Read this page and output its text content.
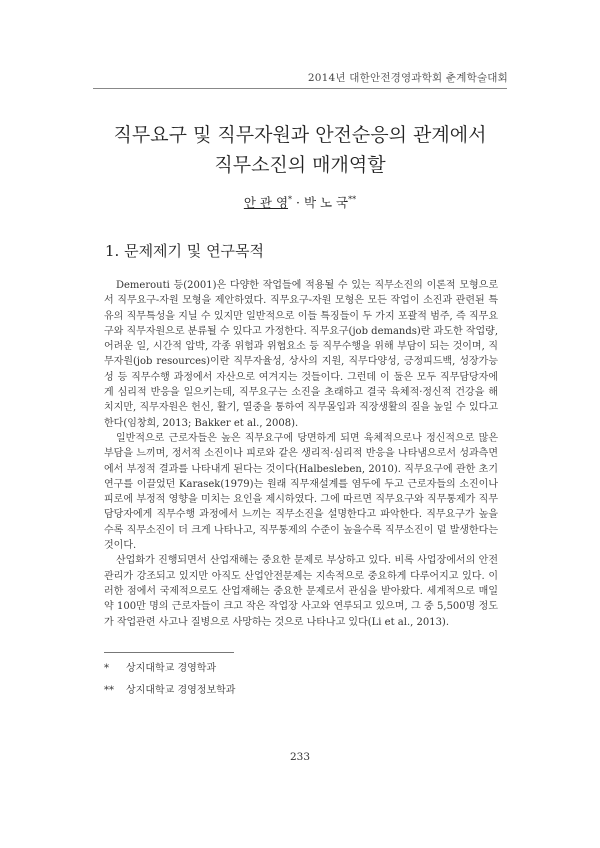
2014년 대한안전경영과학회 춘계학술대회
직무요구 및 직무자원과 안전순응의 관계에서
직무소진의 매개역할
안 관 영* · 박 노 국**
1. 문제제기 및 연구목적

Demerouti 등(2001)은 다양한 작업들에 적용될 수 있는 직무소진의 이론적 모형으로서 직무요구-자원 모형을 제안하였다. 직무요구-자원 모형은 모든 작업이 소진과 관련된 특유의 직무특성을 지닐 수 있지만 일반적으로 이들 특징들이 두 가지 포괄적 범주, 즉 직무요구와 직무자원으로 분류될 수 있다고 가정한다. 직무요구(job demands)란 과도한 작업량, 어려운 일, 시간적 압박, 각종 위험과 위협요소 등 직무수행을 위해 부담이 되는 것이며, 직무자원(job resources)이란 직무자율성, 상사의 지원, 직무다양성, 긍정피드백, 성장가능성 등 직무수행 과정에서 자산으로 여겨지는 것들이다. 그런데 이 둘은 모두 직무담당자에게 심리적 반응을 일으키는데, 직무요구는 소진을 초래하고 결국 육체적·정신적 건강을 해치지만, 직무자원은 헌신, 활기, 열중을 통하여 직무몰입과 직장생활의 질을 높일 수 있다고 한다(임창희, 2013; Bakker et al., 2008).

일반적으로 근로자들은 높은 직무요구에 당면하게 되면 육체적으로나 정신적으로 많은 부담을 느끼며, 정서적 소진이나 피로와 같은 생리적·심리적 반응을 나타냄으로서 성과측면에서 부정적 결과를 나타내게 된다는 것이다(Halbesleben, 2010). 직무요구에 관한 초기 연구를 이끌었던 Karasek(1979)는 원래 직무재설계를 염두에 두고 근로자들의 소진이나 피로에 부정적 영향을 미치는 요인을 제시하였다. 그에 따르면 직무요구와 직무통제가 직무담당자에게 직무수행 과정에서 느끼는 직무소진을 설명한다고 파악한다. 직무요구가 높을수록 직무소진이 더 크게 나타나고, 직무통제의 수준이 높을수록 직무소진이 덜 발생한다는 것이다.

산업화가 진행되면서 산업재해는 중요한 문제로 부상하고 있다. 비록 사업장에서의 안전관리가 강조되고 있지만 아직도 산업안전문제는 지속적으로 중요하게 다루어지고 있다. 이러한 점에서 국제적으로도 산업재해는 중요한 문제로서 관심을 받아왔다. 세계적으로 매일 약 100만 명의 근로자들이 크고 작은 작업장 사고와 연루되고 있으며, 그 중 5,500명 정도가 작업관련 사고나 질병으로 사망하는 것으로 나타나고 있다(Li et al., 2013).

* 상지대학교 경영학과
** 상지대학교 경영정보학과
233
